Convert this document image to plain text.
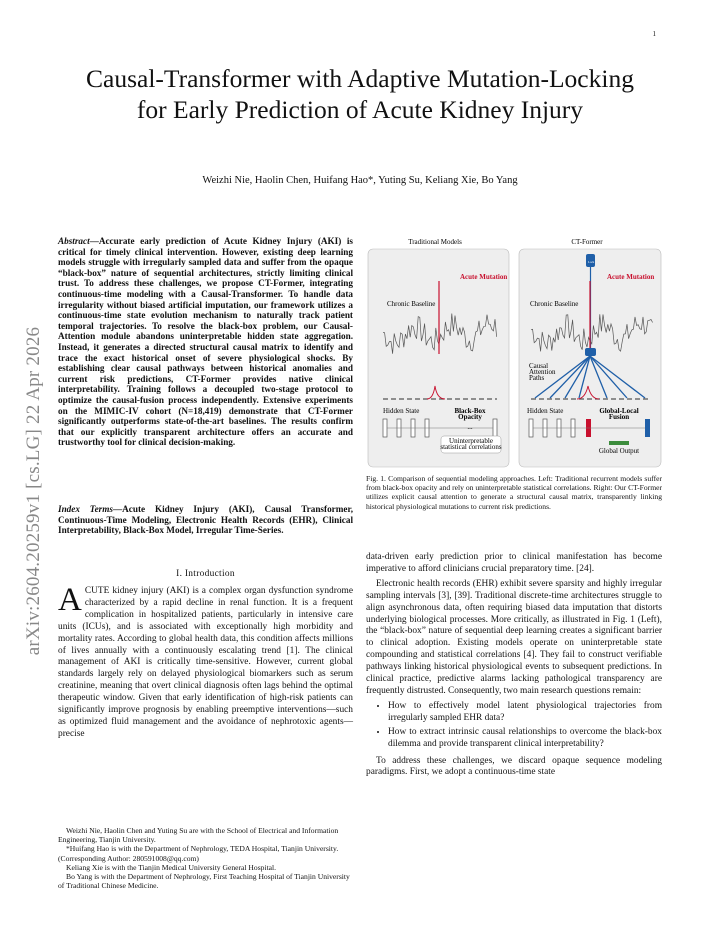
1
arXiv:2604.20259v1 [cs.LG] 22 Apr 2026
Causal-Transformer with Adaptive Mutation-Locking for Early Prediction of Acute Kidney Injury
Weizhi Nie, Haolin Chen, Huifang Hao*, Yuting Su, Keliang Xie, Bo Yang
Abstract—Accurate early prediction of Acute Kidney Injury (AKI) is critical for timely clinical intervention. However, existing deep learning models struggle with irregularly sampled data and suffer from the opaque “black-box” nature of sequential architectures, strictly limiting clinical trust. To address these challenges, we propose CT-Former, integrating continuous-time modeling with a Causal-Transformer. To handle data irregularity without biased artificial imputation, our framework utilizes a continuous-time state evolution mechanism to naturally track patient temporal trajectories. To resolve the black-box problem, our Causal-Attention module abandons uninterpretable hidden state aggregation. Instead, it generates a directed structural causal matrix to identify and trace the exact historical onset of severe physiological shocks. By establishing clear causal pathways between historical anomalies and current risk predictions, CT-Former provides native clinical interpretability. Training follows a decoupled two-stage protocol to optimize the causal-fusion process independently. Extensive experiments on the MIMIC-IV cohort (N=18,419) demonstrate that CT-Former significantly outperforms state-of-the-art baselines. The results confirm that our explicitly transparent architecture offers an accurate and trustworthy tool for clinical decision-making.
Index Terms—Acute Kidney Injury (AKI), Causal Transformer, Continuous-Time Modeling, Electronic Health Records (EHR), Clinical Interpretability, Black-Box Model, Irregular Time-Series.
I. Introduction
ACUTE kidney injury (AKI) is a complex organ dysfunction syndrome characterized by a rapid decline in renal function. It is a frequent complication in hospitalized patients, particularly in intensive care units (ICUs), and is associated with exceptionally high morbidity and mortality rates. According to global health data, this condition affects millions of lives annually with a continuously escalating trend [1]. The clinical management of AKI is critically time-sensitive. However, current global standards largely rely on delayed physiological biomarkers such as serum creatinine, meaning that overt clinical diagnosis often lags behind the optimal therapeutic window. Given that early identification of high-risk patients can significantly improve prognosis by enabling preemptive interventions—such as optimized fluid management and the avoidance of nephrotoxic agents—precise

Weizhi Nie, Haolin Chen and Yuting Su are with the School of Electrical and Information Engineering, Tianjin University.

*Huifang Hao is with the Department of Nephrology, TEDA Hospital, Tianjin University. (Corresponding Author: 280591008@qq.com)

Keliang Xie is with the Tianjin Medical University General Hospital.

Bo Yang is with the Department of Nephrology, First Teaching Hospital of Tianjin University of Traditional Chinese Medicine.

Traditional Models	CT-Former
Acute Mutation
Chronic Baseline
Hidden State	Black-Box Opacity
...
Uninterpretable statistical correlations
Lock
Acute Mutation
Chronic Baseline
Causal Attention Paths
Hidden State	Global-Local Fusion
Global Output
Fig. 1. Comparison of sequential modeling approaches. Left: Traditional recurrent models suffer from black-box opacity and rely on uninterpretable statistical correlations. Right: Our CT-Former utilizes explicit causal attention to generate a structural causal matrix, transparently linking historical physiological mutations to current risk predictions.

data-driven early prediction prior to clinical manifestation has become imperative to afford clinicians crucial preparatory time. [24].

Electronic health records (EHR) exhibit severe sparsity and highly irregular sampling intervals [3], [39]. Traditional discrete-time architectures struggle to align asynchronous data, often requiring biased data imputation that distorts underlying biological processes. More critically, as illustrated in Fig. 1 (Left), the “black-box” nature of sequential deep learning creates a significant barrier to clinical adoption. Existing models operate on uninterpretable state compounding and statistical correlations [4]. They fail to construct verifiable pathways linking historical physiological events to subsequent predictions. In clinical practice, predictive alarms lacking pathological transparency are frequently distrusted. Consequently, two main research questions remain:

• How to effectively model latent physiological trajectories from irregularly sampled EHR data?
• How to extract intrinsic causal relationships to overcome the black-box dilemma and provide transparent clinical interpretability?

To address these challenges, we discard opaque sequence modeling paradigms. First, we adopt a continuous-time state
